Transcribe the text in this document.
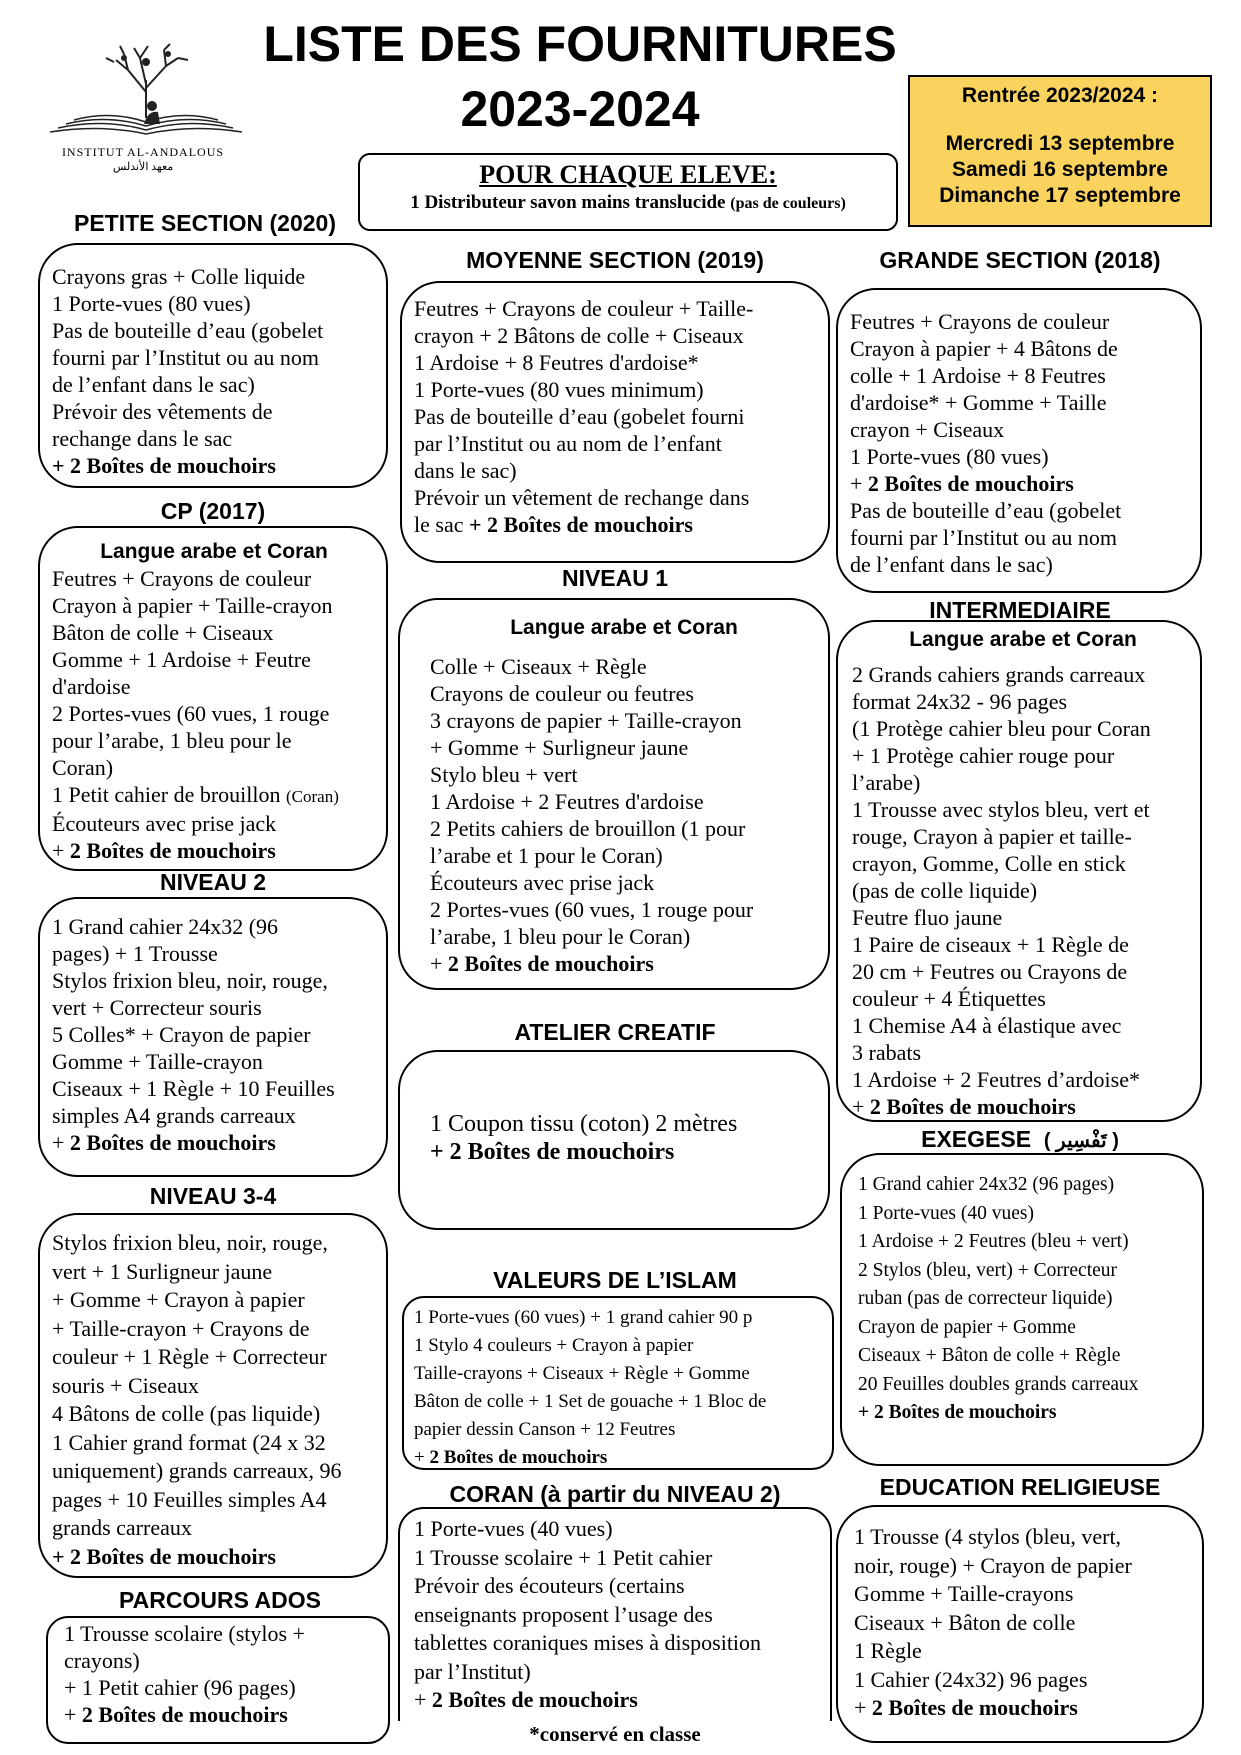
INSTITUT AL-ANDALOUS
معهد الأندلس
LISTE DES FOURNITURES
2023-2024	Rentrée 2023/2024 :
Mercredi 13 septembre
Samedi 16 septembre
Dimanche 17 septembre
POUR CHAQUE ELEVE:
1 Distributeur savon mains translucide (pas de couleurs)
PETITE SECTION (2020)
Crayons gras + Colle liquide
1 Porte-vues (80 vues)
Pas de bouteille d’eau (gobelet
fourni par l’Institut ou au nom
de l’enfant dans le sac)
Prévoir des vêtements de
rechange dans le sac
+ 2 Boîtes de mouchoirs
CP (2017)
Langue arabe et Coran
Feutres + Crayons de couleur
Crayon à papier + Taille-crayon
Bâton de colle + Ciseaux
Gomme + 1 Ardoise + Feutre
d'ardoise
2 Portes-vues (60 vues, 1 rouge
pour l’arabe, 1 bleu pour le
Coran)
1 Petit cahier de brouillon (Coran)
Écouteurs avec prise jack
+ 2 Boîtes de mouchoirs
NIVEAU 2
1 Grand cahier 24x32 (96
pages) + 1 Trousse
Stylos frixion bleu, noir, rouge,
vert + Correcteur souris
5 Colles* + Crayon de papier
Gomme + Taille-crayon
Ciseaux + 1 Règle + 10 Feuilles
simples A4 grands carreaux
+ 2 Boîtes de mouchoirs
NIVEAU 3-4
Stylos frixion bleu, noir, rouge,
vert + 1 Surligneur jaune
+ Gomme + Crayon à papier
+ Taille-crayon + Crayons de
couleur + 1 Règle + Correcteur
souris + Ciseaux
4 Bâtons de colle (pas liquide)
1 Cahier grand format (24 x 32
uniquement) grands carreaux, 96
pages + 10 Feuilles simples A4
grands carreaux
+ 2 Boîtes de mouchoirs
PARCOURS ADOS
1 Trousse scolaire (stylos +
crayons)
+ 1 Petit cahier (96 pages)
+ 2 Boîtes de mouchoirs
MOYENNE SECTION (2019)
Feutres + Crayons de couleur + Taille-
crayon + 2 Bâtons de colle + Ciseaux
1 Ardoise + 8 Feutres d'ardoise*
1 Porte-vues (80 vues minimum)
Pas de bouteille d’eau (gobelet fourni
par l’Institut ou au nom de l’enfant
dans le sac)
Prévoir un vêtement de rechange dans
le sac + 2 Boîtes de mouchoirs
NIVEAU 1
Langue arabe et Coran
Colle + Ciseaux + Règle
Crayons de couleur ou feutres
3 crayons de papier + Taille-crayon
+ Gomme + Surligneur jaune
Stylo bleu + vert
1 Ardoise + 2 Feutres d'ardoise
2 Petits cahiers de brouillon (1 pour
l’arabe et 1 pour le Coran)
Écouteurs avec prise jack
2 Portes-vues (60 vues, 1 rouge pour
l’arabe, 1 bleu pour le Coran)
+ 2 Boîtes de mouchoirs
ATELIER CREATIF
1 Coupon tissu (coton) 2 mètres
+ 2 Boîtes de mouchoirs
VALEURS DE L’ISLAM
1 Porte-vues (60 vues) + 1 grand cahier 90 p
1 Stylo 4 couleurs + Crayon à papier
Taille-crayons + Ciseaux + Règle + Gomme
Bâton de colle + 1 Set de gouache + 1 Bloc de
papier dessin Canson + 12 Feutres
+ 2 Boîtes de mouchoirs
CORAN (à partir du NIVEAU 2)
1 Porte-vues (40 vues)
1 Trousse scolaire + 1 Petit cahier
Prévoir des écouteurs (certains
enseignants proposent l’usage des
tablettes coraniques mises à disposition
par l’Institut)
+ 2 Boîtes de mouchoirs
*conservé en classe
GRANDE SECTION (2018)
Feutres + Crayons de couleur
Crayon à papier + 4 Bâtons de
colle + 1 Ardoise + 8 Feutres
d'ardoise* + Gomme + Taille
crayon + Ciseaux
1 Porte-vues (80 vues)
+ 2 Boîtes de mouchoirs
Pas de bouteille d’eau (gobelet
fourni par l’Institut ou au nom
de l’enfant dans le sac)
INTERMEDIAIRE
Langue arabe et Coran
2 Grands cahiers grands carreaux
format 24x32 - 96 pages
(1 Protège cahier bleu pour Coran
+ 1 Protège cahier rouge pour
l’arabe)
1 Trousse avec stylos bleu, vert et
rouge, Crayon à papier et taille-
crayon, Gomme, Colle en stick
(pas de colle liquide)
Feutre fluo jaune
1 Paire de ciseaux + 1 Règle de
20 cm + Feutres ou Crayons de
couleur + 4 Étiquettes
1 Chemise A4 à élastique avec
3 rabats
1 Ardoise + 2 Feutres d’ardoise*
+ 2 Boîtes de mouchoirs
EXEGESE ( تَفْسِير )
1 Grand cahier 24x32 (96 pages)
1 Porte-vues (40 vues)
1 Ardoise + 2 Feutres (bleu + vert)
2 Stylos (bleu, vert) + Correcteur
ruban (pas de correcteur liquide)
Crayon de papier + Gomme
Ciseaux + Bâton de colle + Règle
20 Feuilles doubles grands carreaux
+ 2 Boîtes de mouchoirs
EDUCATION RELIGIEUSE
1 Trousse (4 stylos (bleu, vert,
noir, rouge) + Crayon de papier
Gomme + Taille-crayons
Ciseaux + Bâton de colle
1 Règle
1 Cahier (24x32) 96 pages
+ 2 Boîtes de mouchoirs
